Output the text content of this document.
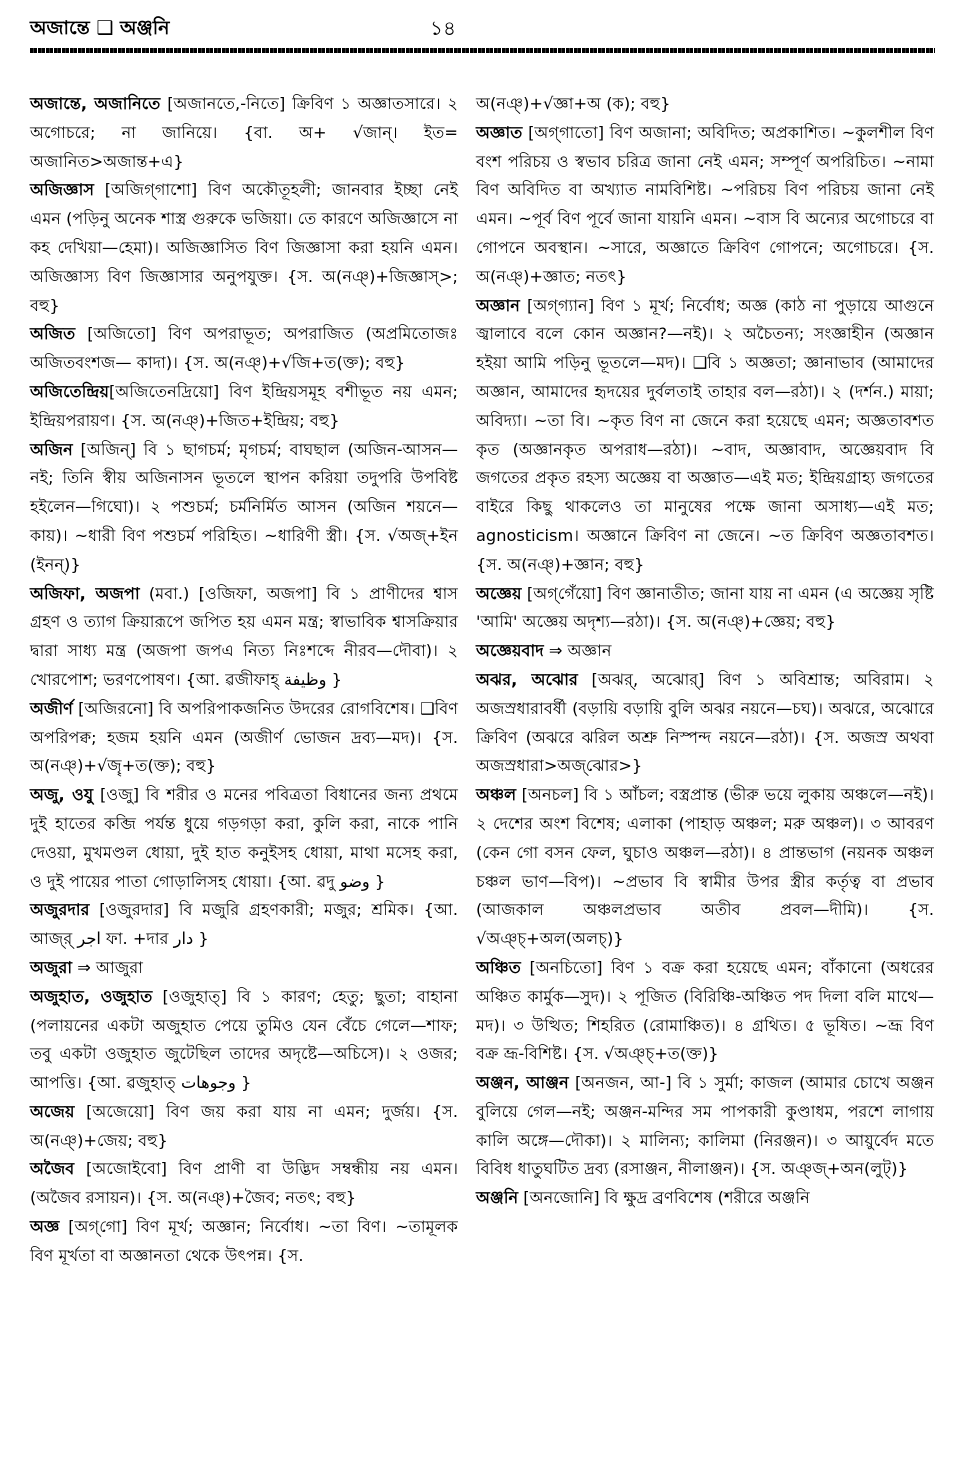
অজান্তে ❑ অঞ্জনি	১৪

অজান্তে, অজানিতে [অজানতে,-নিতে] ক্রিবিণ ১ অজ্ঞাতসারে। ২ অগোচরে; না জানিয়ে। {বা. অ+ √জান্‌। ইত= অজানিত>অজান্ত+এ}

অজিজ্ঞাস [অজিগ্‌গাশো] বিণ অকৌতূহলী; জানবার ইচ্ছা নেই এমন (পড়িনু অনেক শাস্ত্র গুরুকে ভজিয়া। তে কারণে অজিজ্ঞাসে না কহ দেখিয়া—হেমা)। অজিজ্ঞাসিত বিণ জিজ্ঞাসা করা হয়নি এমন। অজিজ্ঞাস্য বিণ জিজ্ঞাসার অনুপযুক্ত। {স. অ(নঞ্‌)+জিজ্ঞাস্‌>; বহু}

অজিত [অজিতো] বিণ অপরাভূত; অপরাজিত (অপ্রমিতোজঃ অজিতবংশজ— কাদা)। {স. অ(নঞ্‌)+√জি+ত(ক্ত); বহু}

অজিতেন্দ্রিয়[অজিতেনদ্রিয়ো] বিণ ইন্দ্রিয়সমূহ বশীভূত নয় এমন; ইন্দ্রিয়পরায়ণ। {স. অ(নঞ্‌)+জিত+ইন্দ্রিয়; বহু}

অজিন [অজিন্‌] বি ১ ছাগচর্ম; মৃগচর্ম; বাঘছাল (অজিন-আসন—নই; তিনি স্বীয় অজিনাসন ভূতলে স্থাপন করিয়া তদুপরি উপবিষ্ট হইলেন—গিঘো)। ২ পশুচর্ম; চর্মনির্মিত আসন (অজিন শয়নে—কায়)। ~ধারী বিণ পশুচর্ম পরিহিত। ~ধারিণী স্ত্রী। {স. √অজ্‌+ইন (ইনন্‌)}

অজিফা, অজপা (মবা.) [ওজিফা, অজপা] বি ১ প্রাণীদের শ্বাস গ্রহণ ও ত্যাগ ক্রিয়ারূপে জপিত হয় এমন মন্ত্র; স্বাভাবিক শ্বাসক্রিয়ার দ্বারা সাধ্য মন্ত্র (অজপা জপএ নিত্য নিঃশব্দে নীরব—দৌবা)। ২ খোরপোশ; ভরণপোষণ। {আ. ৱজীফাহ্‌ وظيفة }

অজীর্ণ [অজিরনো] বি অপরিপাকজনিত উদরের রোগবিশেষ। ❑বিণ অপরিপক্ব; হজম হয়নি এমন (অজীর্ণ ভোজন দ্রব্য—মদ)। {স. অ(নঞ্‌)+√জৄ+ত(ক্ত); বহু}

অজু, ওযু [ওজু] বি শরীর ও মনের পবিত্রতা বিধানের জন্য প্রথমে দুই হাতের কব্জি পর্যন্ত ধুয়ে গড়গড়া করা, কুলি করা, নাকে পানি দেওয়া, মুখমণ্ডল ধোয়া, দুই হাত কনুইসহ ধোয়া, মাথা মসেহ করা, ও দুই পায়ের পাতা গোড়ালিসহ ধোয়া। {আ. ৱদু وضو }

অজুরদার [ওজুরদার] বি মজুরি গ্রহণকারী; মজুর; শ্রমিক। {আ. আজ্‌র্‌ اجر ফা. +দার دار }

অজুরা ⇒ আজুরা

অজুহাত, ওজুহাত [ওজুহাত্‌] বি ১ কারণ; হেতু; ছুতা; বাহানা (পলায়নের একটা অজুহাত পেয়ে তুমিও যেন বেঁচে গেলে—শাফ; তবু একটা ওজুহাত জুটেছিল তাদের অদৃষ্টে—অচিসে)। ২ ওজর; আপত্তি। {আ. ৱজুহাত্‌ وجوهات }

অজেয় [অজেয়ো] বিণ জয় করা যায় না এমন; দুর্জয়। {স. অ(নঞ্‌)+জেয়; বহু}

অজৈব [অজোইবো] বিণ প্রাণী বা উদ্ভিদ সম্বন্ধীয় নয় এমন। (অজৈব রসায়ন)। {স. অ(নঞ্‌)+জৈব; নতৎ; বহু}

অজ্ঞ [অগ্‌গো] বিণ মূর্খ; অজ্ঞান; নির্বোধ। ~তা বিণ। ~তামূলক বিণ মূর্খতা বা অজ্ঞানতা থেকে উৎপন্ন। {স.

অ(নঞ্‌)+√জ্ঞা+অ (ক); বহু}

অজ্ঞাত [অগ্‌গাতো] বিণ অজানা; অবিদিত; অপ্রকাশিত। ~কুলশীল বিণ বংশ পরিচয় ও স্বভাব চরিত্র জানা নেই এমন; সম্পূর্ণ অপরিচিত। ~নামা বিণ অবিদিত বা অখ্যাত নামবিশিষ্ট। ~পরিচয় বিণ পরিচয় জানা নেই এমন। ~পূর্ব বিণ পূর্বে জানা যায়নি এমন। ~বাস বি অন্যের অগোচরে বা গোপনে অবস্থান। ~সারে, অজ্ঞাতে ক্রিবিণ গোপনে; অগোচরে। {স. অ(নঞ্‌)+জ্ঞাত; নতৎ}

অজ্ঞান [অগ্‌গ্যান] বিণ ১ মূর্খ; নির্বোধ; অজ্ঞ (কাঠ না পুড়ায়ে আগুনে জ্বালাবে বলে কোন অজ্ঞান?—নই)। ২ অচৈতন্য; সংজ্ঞাহীন (অজ্ঞান হইয়া আমি পড়িনু ভূতলে—মদ)। ❑বি ১ অজ্ঞতা; জ্ঞানাভাব (আমাদের অজ্ঞান, আমাদের হৃদয়ের দুর্বলতাই তাহার বল—রঠা)। ২ (দর্শন.) মায়া; অবিদ্যা। ~তা বি। ~কৃত বিণ না জেনে করা হয়েছে এমন; অজ্ঞতাবশত কৃত (অজ্ঞানকৃত অপরাধ—রঠা)। ~বাদ, অজ্ঞাবাদ, অজ্ঞেয়বাদ বি জগতের প্রকৃত রহস্য অজ্ঞেয় বা অজ্ঞাত—এই মত; ইন্দ্রিয়গ্রাহ্য জগতের বাইরে কিছু থাকলেও তা মানুষের পক্ষে জানা অসাধ্য—এই মত; agnosticism। অজ্ঞানে ক্রিবিণ না জেনে। ~ত ক্রিবিণ অজ্ঞতাবশত। {স. অ(নঞ্‌)+জ্ঞান; বহু}

অজ্ঞেয় [অগ্‌গেঁয়ো] বিণ জ্ঞানাতীত; জানা যায় না এমন (এ অজ্ঞেয় সৃষ্টি 'আমি' অজ্ঞেয় অদৃশ্য—রঠা)। {স. অ(নঞ্‌)+জ্ঞেয়; বহু}

অজ্ঞেয়বাদ ⇒ অজ্ঞান

অঝর, অঝোর [অঝর্‌, অঝোর্‌] বিণ ১ অবিশ্রান্ত; অবিরাম। ২ অজস্রধারাবর্ষী (বড়ায়ি বড়ায়ি বুলি অঝর নয়নে—চঘ)। অঝরে, অঝোরে ক্রিবিণ (অঝরে ঝরিল অশ্রু নিস্পন্দ নয়নে—রঠা)। {স. অজস্র অথবা অজস্রধারা>অজ্‌ঝোর>}

অঞ্চল [অনচল] বি ১ আঁচল; বস্ত্রপ্রান্ত (ভীরু ভয়ে লুকায় অঞ্চলে—নই)। ২ দেশের অংশ বিশেষ; এলাকা (পাহাড় অঞ্চল; মরু অঞ্চল)। ৩ আবরণ (কেন গো বসন ফেল, ঘুচাও অঞ্চল—রঠা)। ৪ প্রান্তভাগ (নয়নক অঞ্চল চঞ্চল ভাণ—বিপ)। ~প্রভাব বি স্বামীর উপর স্ত্রীর কর্তৃত্ব বা প্রভাব (আজকাল অঞ্চলপ্রভাব অতীব প্রবল—দীমি)। {স. √অঞ্চ্‌+অল(অলচ্‌)}

অঞ্চিত [অনচিতো] বিণ ১ বক্র করা হয়েছে এমন; বাঁকানো (অধরের অঞ্চিত কার্মুক—সুদ)। ২ পূজিত (বিরিঞ্চি-অঞ্চিত পদ দিলা বলি মাথে—মদ)। ৩ উত্থিত; শিহরিত (রোমাঞ্চিত)। ৪ গ্রথিত। ৫ ভূষিত। ~ভ্রূ বিণ বক্র ভ্রূ-বিশিষ্ট। {স. √অঞ্চ্‌+ত(ক্ত)}

অঞ্জন, আঞ্জন [অনজন, আ-] বি ১ সুর্মা; কাজল (আমার চোখে অঞ্জন বুলিয়ে গেল—নই; অঞ্জন-মন্দির সম পাপকারী কুণ্ডাধম, পরশে লাগায় কালি অঙ্গে—দৌকা)। ২ মালিন্য; কালিমা (নিরঞ্জন)। ৩ আয়ুর্বেদ মতে বিবিধ ধাতুঘটিত দ্রব্য (রসাঞ্জন, নীলাঞ্জন)। {স. অঞ্জ্‌+অন(লুট্‌)}

অঞ্জনি [অনজোনি] বি ক্ষুদ্র ব্রণবিশেষ (শরীরে অঞ্জনি
